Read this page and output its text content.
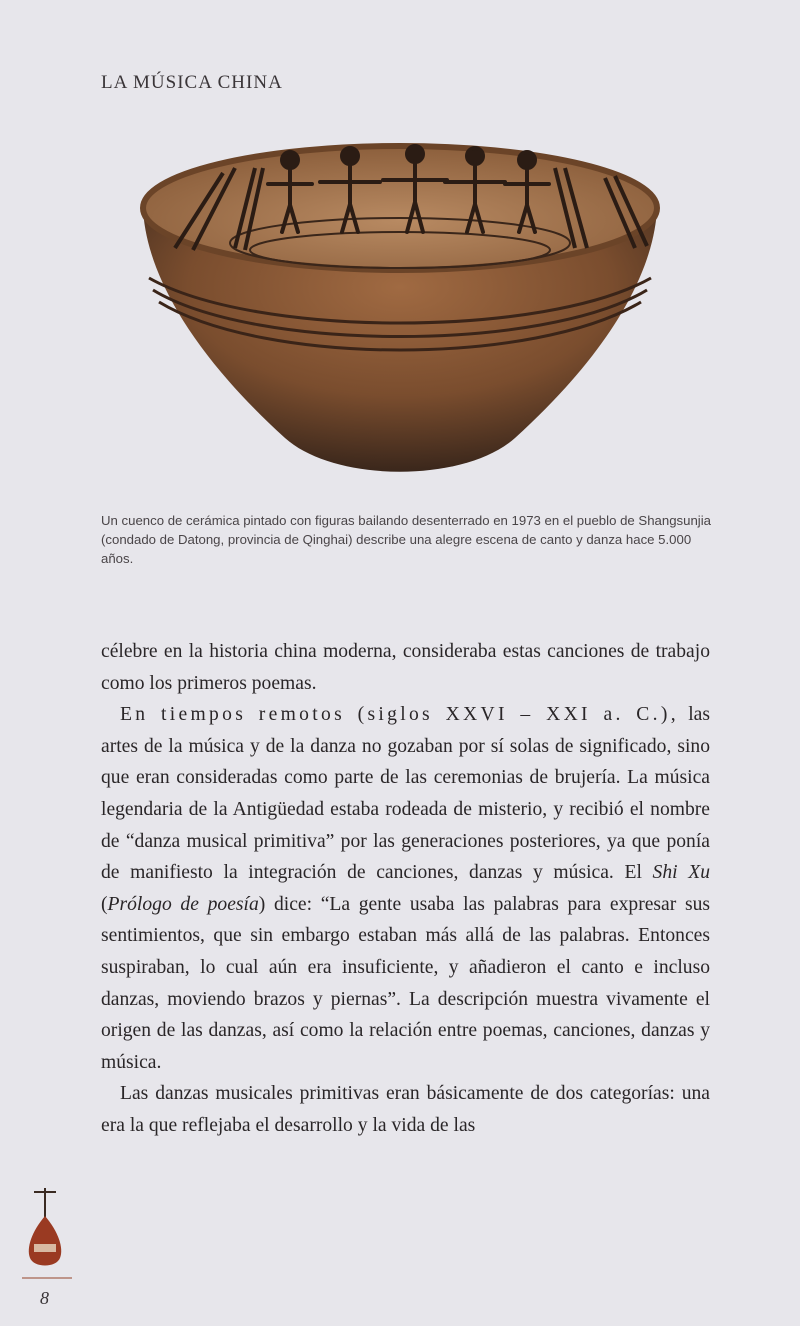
LA MÚSICA CHINA
Un cuenco de cerámica pintado con figuras bailando desenterrado en 1973 en el pueblo de Shangsunjia (condado de Datong, provincia de Qinghai) describe una alegre escena de canto y danza hace 5.000 años.

célebre en la historia china moderna, consideraba estas canciones de trabajo como los primeros poemas.

En tiempos remotos (siglos XXVI – XXI a. C.), las artes de la música y de la danza no gozaban por sí solas de significado, sino que eran consideradas como parte de las ceremonias de brujería. La música legendaria de la Antigüedad estaba rodeada de misterio, y recibió el nombre de “danza musical primitiva” por las generaciones posteriores, ya que ponía de manifiesto la integración de canciones, danzas y música. El Shi Xu (Prólogo de poesía) dice: “La gente usaba las palabras para expresar sus sentimientos, que sin embargo estaban más allá de las palabras. Entonces suspiraban, lo cual aún era insuficiente, y añadieron el canto e incluso danzas, moviendo brazos y piernas”. La descripción muestra vivamente el origen de las danzas, así como la relación entre poemas, canciones, danzas y música.

Las danzas musicales primitivas eran básicamente de dos categorías: una era la que reflejaba el desarrollo y la vida de las

8
